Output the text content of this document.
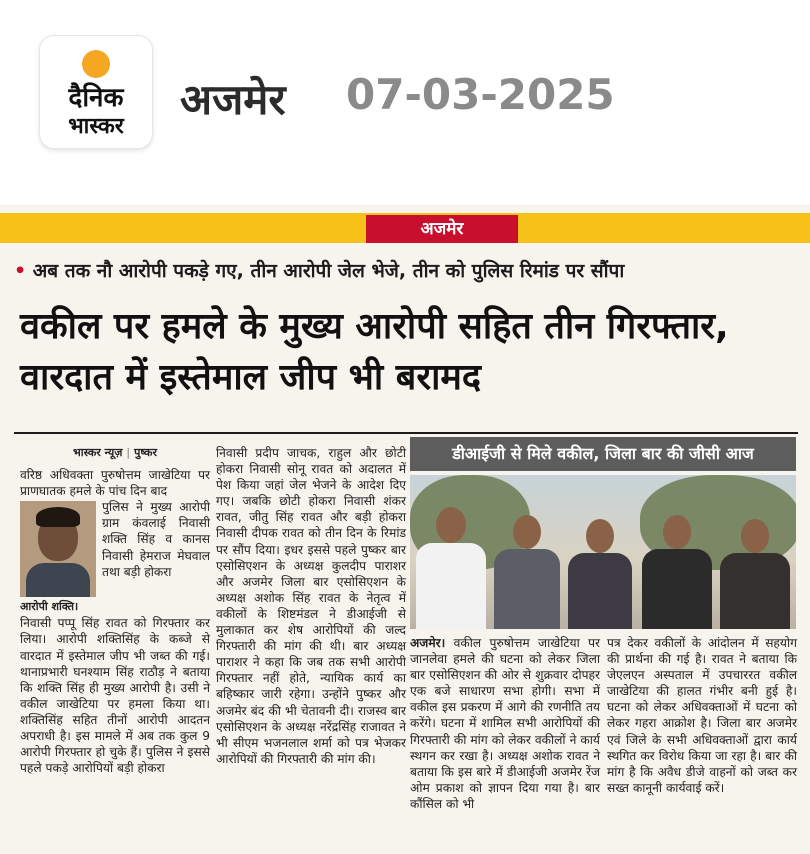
दैनिक
भास्कर
अजमेर 07-03-2025
अजमेर
• अब तक नौ आरोपी पकड़े गए, तीन आरोपी जेल भेजे, तीन को पुलिस रिमांड पर सौंपा
वकील पर हमले के मुख्य आरोपी सहित तीन गिरफ्तार, वारदात में इस्तेमाल जीप भी बरामद

भास्कर न्यूज़ | पुष्कर

वरिष्ठ अधिवक्ता पुरुषोत्तम जाखेटिया पर प्राणघातक हमले के पांच दिन बाद

पुलिस ने मुख्य आरोपी ग्राम कंवलाई निवासी शक्ति सिंह व कानस निवासी हेमराज मेघवाल तथा बड़ी होकरा

आरोपी शक्ति।

निवासी पप्पू सिंह रावत को गिरफ्तार कर लिया। आरोपी शक्तिसिंह के कब्जे से वारदात में इस्तेमाल जीप भी जब्त की गई। थानाप्रभारी घनश्याम सिंह राठौड़ ने बताया कि शक्ति सिंह ही मुख्य आरोपी है। उसी ने वकील जाखेटिया पर हमला किया था। शक्तिसिंह सहित तीनों आरोपी आदतन अपराधी है। इस मामले में अब तक कुल 9 आरोपी गिरफ्तार हो चुके हैं। पुलिस ने इससे पहले पकड़े आरोपियों बड़ी होकरा

निवासी प्रदीप जाचक, राहुल और छोटी होकरा निवासी सोनू रावत को अदालत में पेश किया जहां जेल भेजने के आदेश दिए गए। जबकि छोटी होकरा निवासी शंकर रावत, जीतु सिंह रावत और बड़ी होकरा निवासी दीपक रावत को तीन दिन के रिमांड पर सौंप दिया। इधर इससे पहले पुष्कर बार एसोसिएशन के अध्यक्ष कुलदीप पाराशर और अजमेर जिला बार एसोसिएशन के अध्यक्ष अशोक सिंह रावत के नेतृत्व में वकीलों के शिष्टमंडल ने डीआईजी से मुलाकात कर शेष आरोपियों की जल्द गिरफ्तारी की मांग की थी। बार अध्यक्ष पाराशर ने कहा कि जब तक सभी आरोपी गिरफ्तार नहीं होते, न्यायिक कार्य का बहिष्कार जारी रहेगा। उन्होंने पुष्कर और अजमेर बंद की भी चेतावनी दी। राजस्व बार एसोसिएशन के अध्यक्ष नरेंद्रसिंह राजावत ने भी सीएम भजनलाल शर्मा को पत्र भेजकर आरोपियों की गिरफ्तारी की मांग की।

डीआईजी से मिले वकील, जिला बार की जीसी आज

अजमेर। वकील पुरुषोत्तम जाखेटिया पर जानलेवा हमले की घटना को लेकर जिला बार एसोसिएशन की ओर से शुक्रवार दोपहर एक बजे साधारण सभा होगी। सभा में वकील इस प्रकरण में आगे की रणनीति तय करेंगे। घटना में शामिल सभी आरोपियों की गिरफ्तारी की मांग को लेकर वकीलों ने कार्य स्थगन कर रखा है। अध्यक्ष अशोक रावत ने बताया कि इस बारे में डीआईजी अजमेर रेंज ओम प्रकाश को ज्ञापन दिया गया है। बार कौंसिल को भी

पत्र देकर वकीलों के आंदोलन में सहयोग की प्रार्थना की गई है। रावत ने बताया कि जेएलएन अस्पताल में उपचाररत वकील जाखेटिया की हालत गंभीर बनी हुई है। घटना को लेकर अधिवक्ताओं में घटना को लेकर गहरा आक्रोश है। जिला बार अजमेर एवं जिले के सभी अधिवक्ताओं द्वारा कार्य स्थगित कर विरोध किया जा रहा है। बार की मांग है कि अवैध डीजे वाहनों को जब्त कर सख्त कानूनी कार्यवाई करें।
